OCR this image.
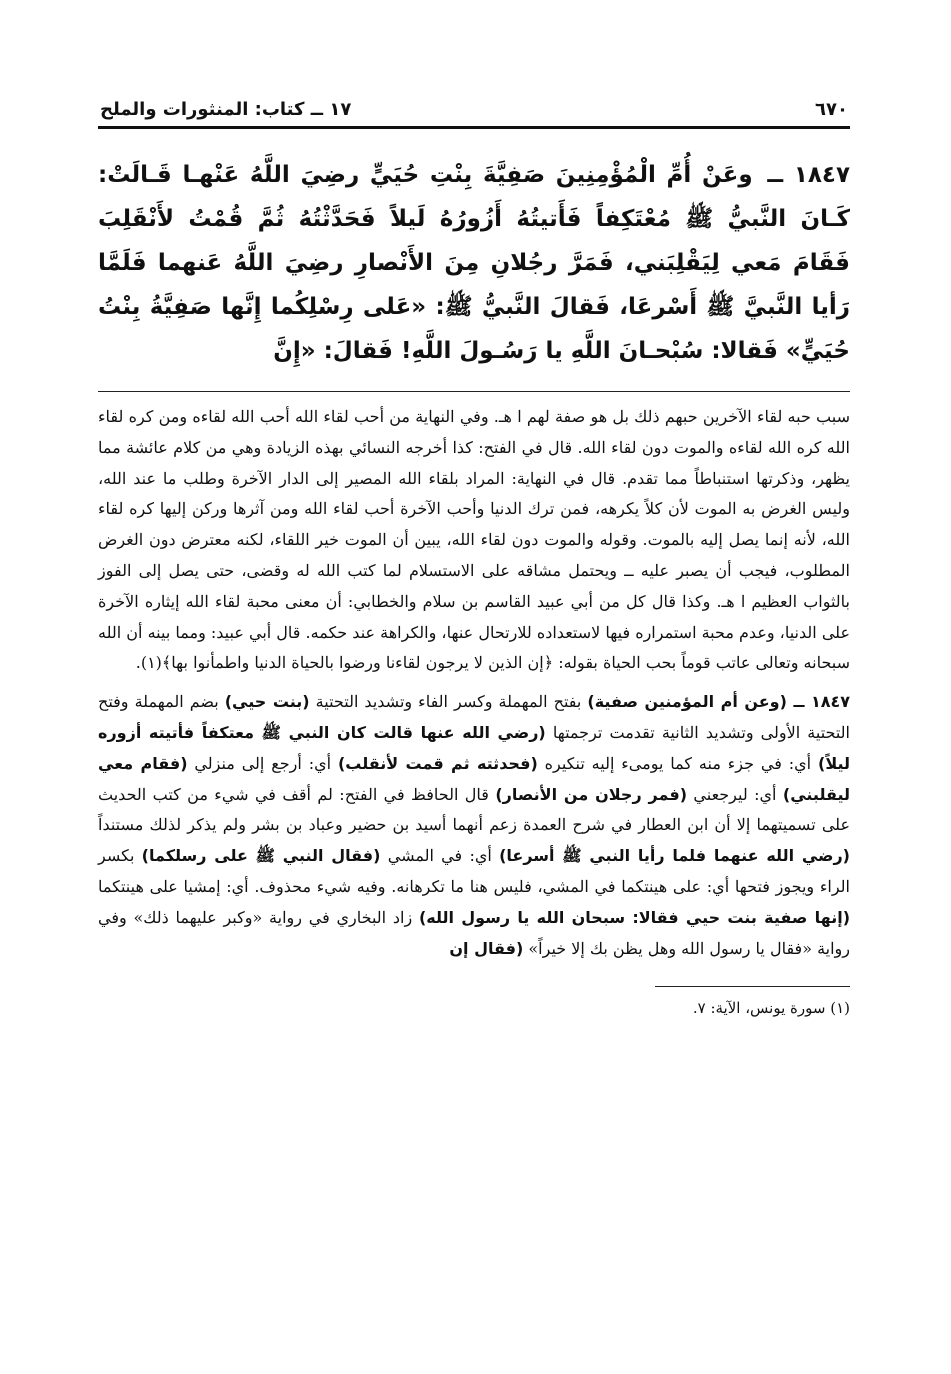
٦٧٠
١٧ ــ كتاب: المنثورات والملح
١٨٤٧ ــ وعَنْ أُمِّ الْمُؤْمِنِينَ صَفِيَّةَ بِنْتِ حُيَيٍّ رضِيَ اللَّهُ عَنْهـا قَـالَتْ: كَـانَ النَّبيُّ ﷺ مُعْتَكِفاً فَأَتيتُهُ أَزُورُهُ لَيلاً فَحَدَّثْتُهُ ثُمَّ قُمْتُ لأَنْقَلِبَ فَقَامَ مَعي لِيَقْلِبَني، فَمَرَّ رجُلانِ مِنَ الأَنْصارِ رضِيَ اللَّهُ عَنهما فَلَمَّا رَأيا النَّبيَّ ﷺ أَسْرعَا، فَقالَ النَّبيُّ ﷺ: «عَلى رِسْلِكُما إِنَّها صَفِيَّةُ بِنْتُ حُيَيٍّ» فَقالا: سُبْحـانَ اللَّهِ يا رَسُـولَ اللَّهِ! فَقالَ: «إِنَّ

سبب حبه لقاء الآخرين حبهم ذلك بل هو صفة لهم ا هـ. وفي النهاية من أحب لقاء الله أحب الله لقاءه ومن كره لقاء الله كره الله لقاءه والموت دون لقاء الله. قال في الفتح: كذا أخرجه النسائي بهذه الزيادة وهي من كلام عائشة مما يظهر، وذكرتها استنباطاً مما تقدم. قال في النهاية: المراد بلقاء الله المصير إلى الدار الآخرة وطلب ما عند الله، وليس الغرض به الموت لأن كلاً يكرهه، فمن ترك الدنيا وأحب الآخرة أحب لقاء الله ومن آثرها وركن إليها كره لقاء الله، لأنه إنما يصل إليه بالموت. وقوله والموت دون لقاء الله، يبين أن الموت خير اللقاء، لكنه معترض دون الغرض المطلوب، فيجب أن يصبر عليه ــ ويحتمل مشاقه على الاستسلام لما كتب الله له وقضى، حتى يصل إلى الفوز بالثواب العظيم ا هـ. وكذا قال كل من أبي عبيد القاسم بن سلام والخطابي: أن معنى محبة لقاء الله إيثاره الآخرة على الدنيا، وعدم محبة استمراره فيها لاستعداده للارتحال عنها، والكراهة عند حكمه. قال أبي عبيد: ومما بينه أن الله سبحانه وتعالى عاتب قوماً بحب الحياة بقوله: ﴿إن الذين لا يرجون لقاءنا ورضوا بالحياة الدنيا واطمأنوا بها﴾(١).

١٨٤٧ ــ (وعن أم المؤمنين صفية) بفتح المهملة وكسر الفاء وتشديد التحتية (بنت حيي) بضم المهملة وفتح التحتية الأولى وتشديد الثانية تقدمت ترجمتها (رضي الله عنها قالت كان النبي ﷺ معتكفاً فأتيته أزوره ليلاً) أي: في جزء منه كما يومىء إليه تنكيره (فحدثته ثم قمت لأنقلب) أي: أرجع إلى منزلي (فقام معي ليقلبني) أي: ليرجعني (فمر رجلان من الأنصار) قال الحافظ في الفتح: لم أقف في شيء من كتب الحديث على تسميتهما إلا أن ابن العطار في شرح العمدة زعم أنهما أسيد بن حضير وعباد بن بشر ولم يذكر لذلك مستنداً (رضي الله عنهما فلما رأيا النبي ﷺ أسرعا) أي: في المشي (فقال النبي ﷺ على رسلكما) بكسر الراء ويجوز فتحها أي: على هينتكما في المشي، فليس هنا ما تكرهانه. وفيه شيء محذوف. أي: إمشيا على هينتكما (إنها صفية بنت حيي فقالا: سبحان الله يا رسول الله) زاد البخاري في رواية «وكبر عليهما ذلك» وفي رواية «فقال يا رسول الله وهل يظن بك إلا خيراً» (فقال إن

(١) سورة يونس، الآية: ٧.
